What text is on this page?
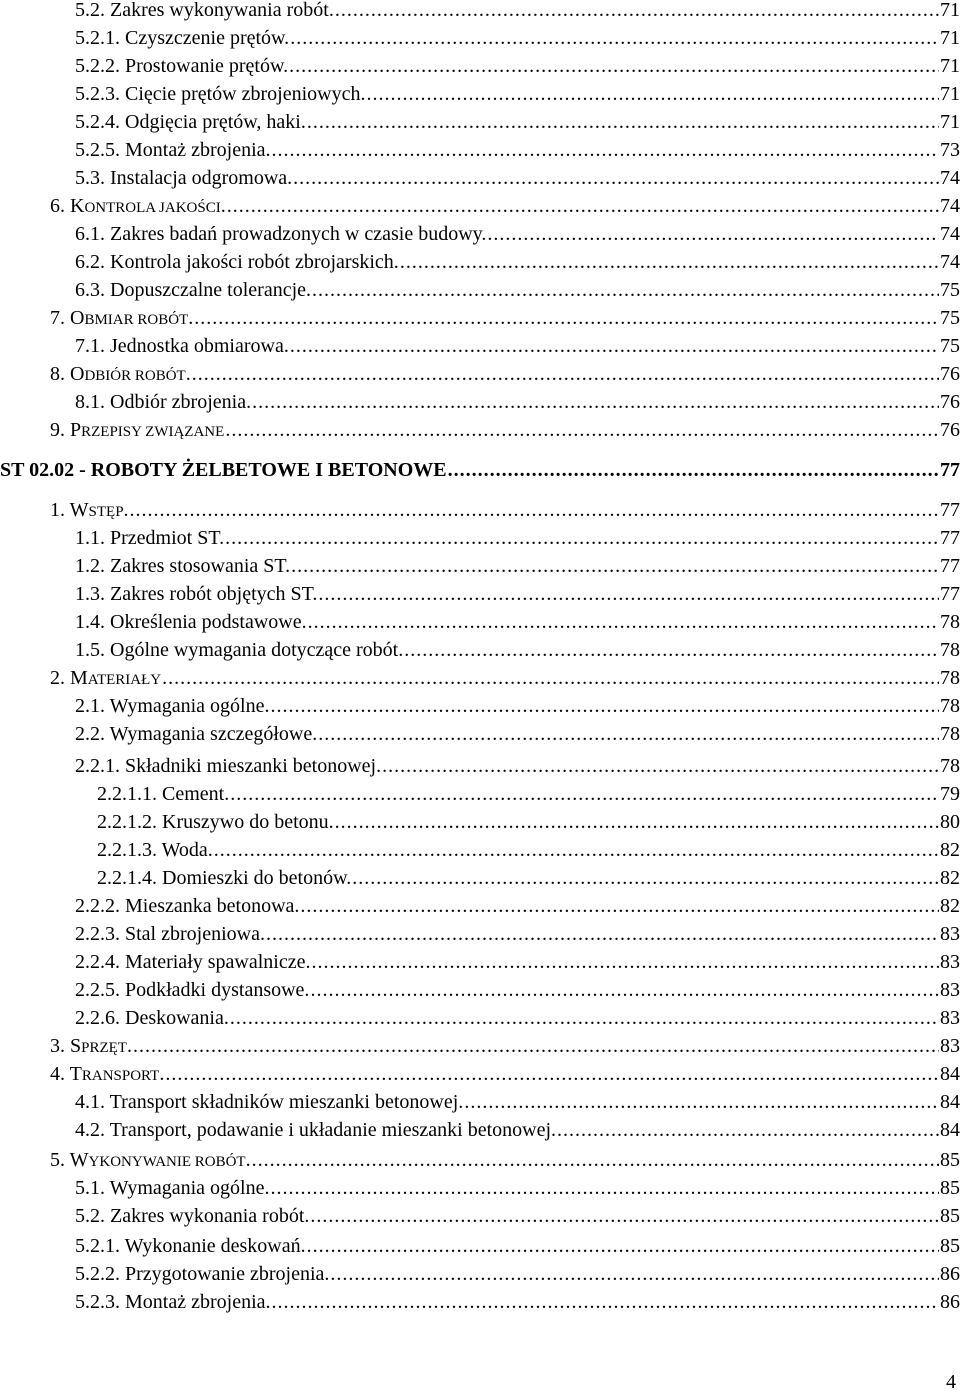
5.2. Zakres wykonywania robót. .....	71
5.2.1. Czyszczenie prętów. .....	71
5.2.2. Prostowanie prętów. .....	71
5.2.3. Cięcie prętów zbrojeniowych. .....	71
5.2.4. Odgięcia prętów, haki. .....	71
5.2.5. Montaż zbrojenia. .....	73
5.3. Instalacja odgromowa. .....	74
6. KONTROLA JAKOŚCI. .....	74
6.1. Zakres badań prowadzonych w czasie budowy. .....	74
6.2. Kontrola jakości robót zbrojarskich. .....	74
6.3. Dopuszczalne tolerancje. .....	75
7. OBMIAR ROBÓT. .....	75
7.1. Jednostka obmiarowa. .....	75
8. ODBIÓR ROBÓT. .....	76
8.1. Odbiór zbrojenia. .....	76
9. PRZEPISY ZWIĄZANE .....	76
ST 02.02 - ROBOTY ŻELBETOWE I BETONOWE .....	77
1. WSTĘP. .....	77
1.1. Przedmiot ST. .....	77
1.2. Zakres stosowania ST. .....	77
1.3. Zakres robót objętych ST. .....	77
1.4. Określenia podstawowe. .....	78
1.5. Ogólne wymagania dotyczące robót. .....	78
2. MATERIAŁY .....	78
2.1. Wymagania ogólne. .....	78
2.2. Wymagania szczegółowe. .....	78
2.2.1. Składniki mieszanki betonowej. .....	78
2.2.1.1. Cement. .....	79
2.2.1.2. Kruszywo do betonu. .....	80
2.2.1.3. Woda. .....	82
2.2.1.4. Domieszki do betonów. .....	82
2.2.2. Mieszanka betonowa. .....	82
2.2.3. Stal zbrojeniowa. .....	83
2.2.4. Materiały spawalnicze. .....	83
2.2.5. Podkładki dystansowe. .....	83
2.2.6. Deskowania. .....	83
3. SPRZĘT. .....	83
4. TRANSPORT. .....	84
4.1. Transport składników mieszanki betonowej. .....	84
4.2. Transport, podawanie i układanie mieszanki betonowej. .....	84
5. WYKONYWANIE ROBÓT. .....	85
5.1. Wymagania ogólne. .....	85
5.2. Zakres wykonania robót. .....	85
5.2.1. Wykonanie deskowań. .....	85
5.2.2. Przygotowanie zbrojenia. .....	86
5.2.3. Montaż zbrojenia. .....	86
4
